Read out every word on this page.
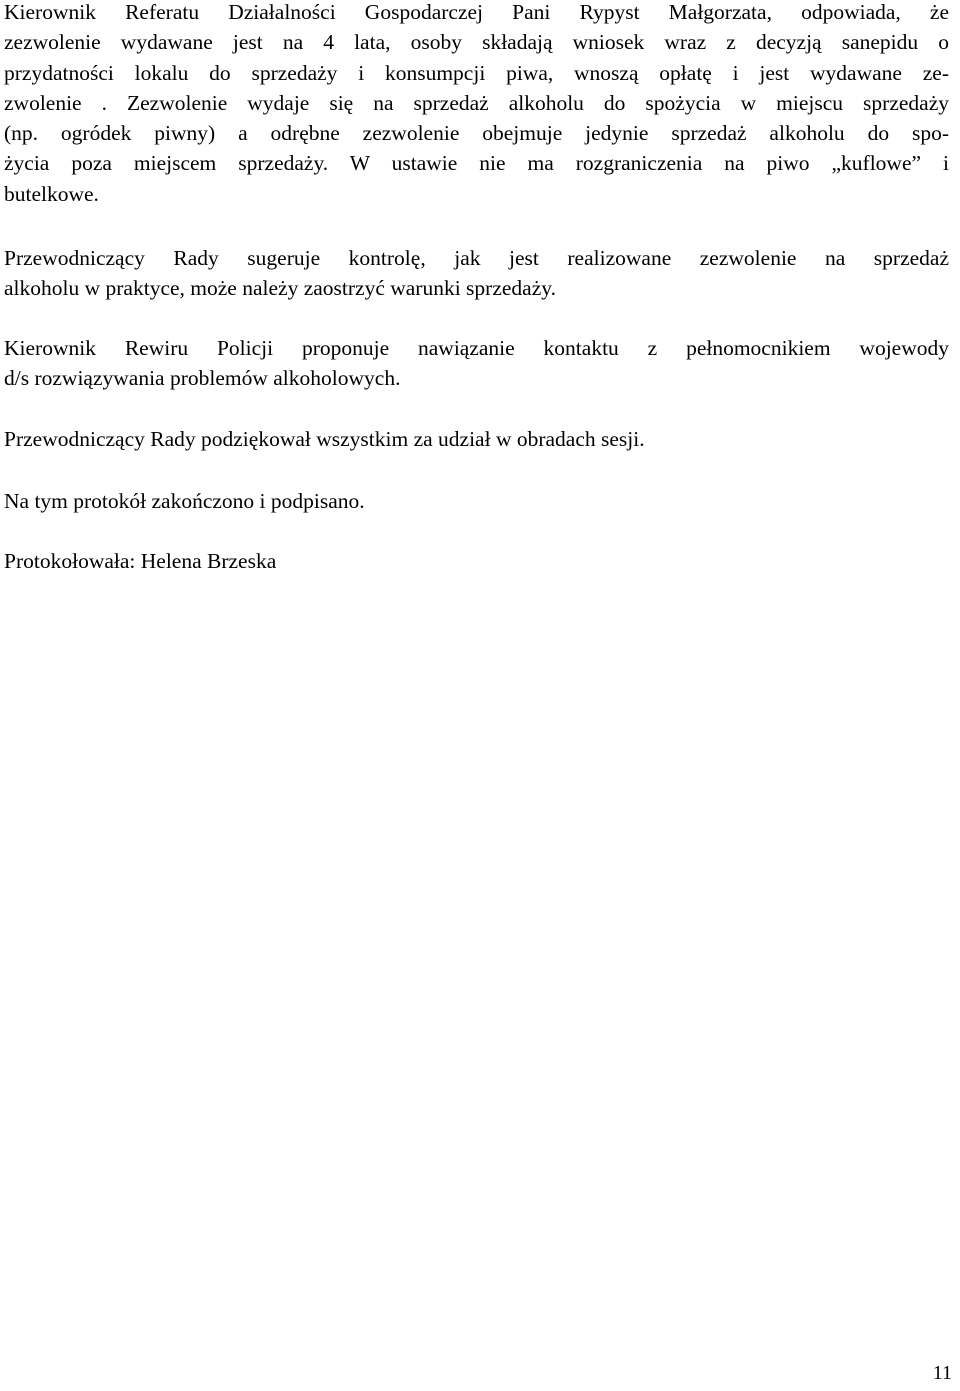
Kierownik Referatu Działalności Gospodarczej Pani Rypyst Małgorzata, odpowiada, że
zezwolenie wydawane jest na 4 lata, osoby składają wniosek wraz z decyzją sanepidu o
przydatności lokalu do sprzedaży i konsumpcji piwa, wnoszą opłatę i jest wydawane ze-
zwolenie . Zezwolenie wydaje się na sprzedaż alkoholu do spożycia w miejscu sprzedaży
(np. ogródek piwny) a odrębne zezwolenie obejmuje jedynie sprzedaż alkoholu do spo-
życia poza miejscem sprzedaży. W ustawie nie ma rozgraniczenia na piwo „kuflowe” i
butelkowe.

Przewodniczący Rady sugeruje kontrolę, jak jest realizowane zezwolenie na sprzedaż
alkoholu w praktyce, może należy zaostrzyć warunki sprzedaży.

Kierownik Rewiru Policji proponuje nawiązanie kontaktu z pełnomocnikiem wojewody
d/s rozwiązywania problemów alkoholowych.

Przewodniczący Rady podziękował wszystkim za udział w obradach sesji.

Na tym protokół zakończono i podpisano.

Protokołowała: Helena Brzeska

11
